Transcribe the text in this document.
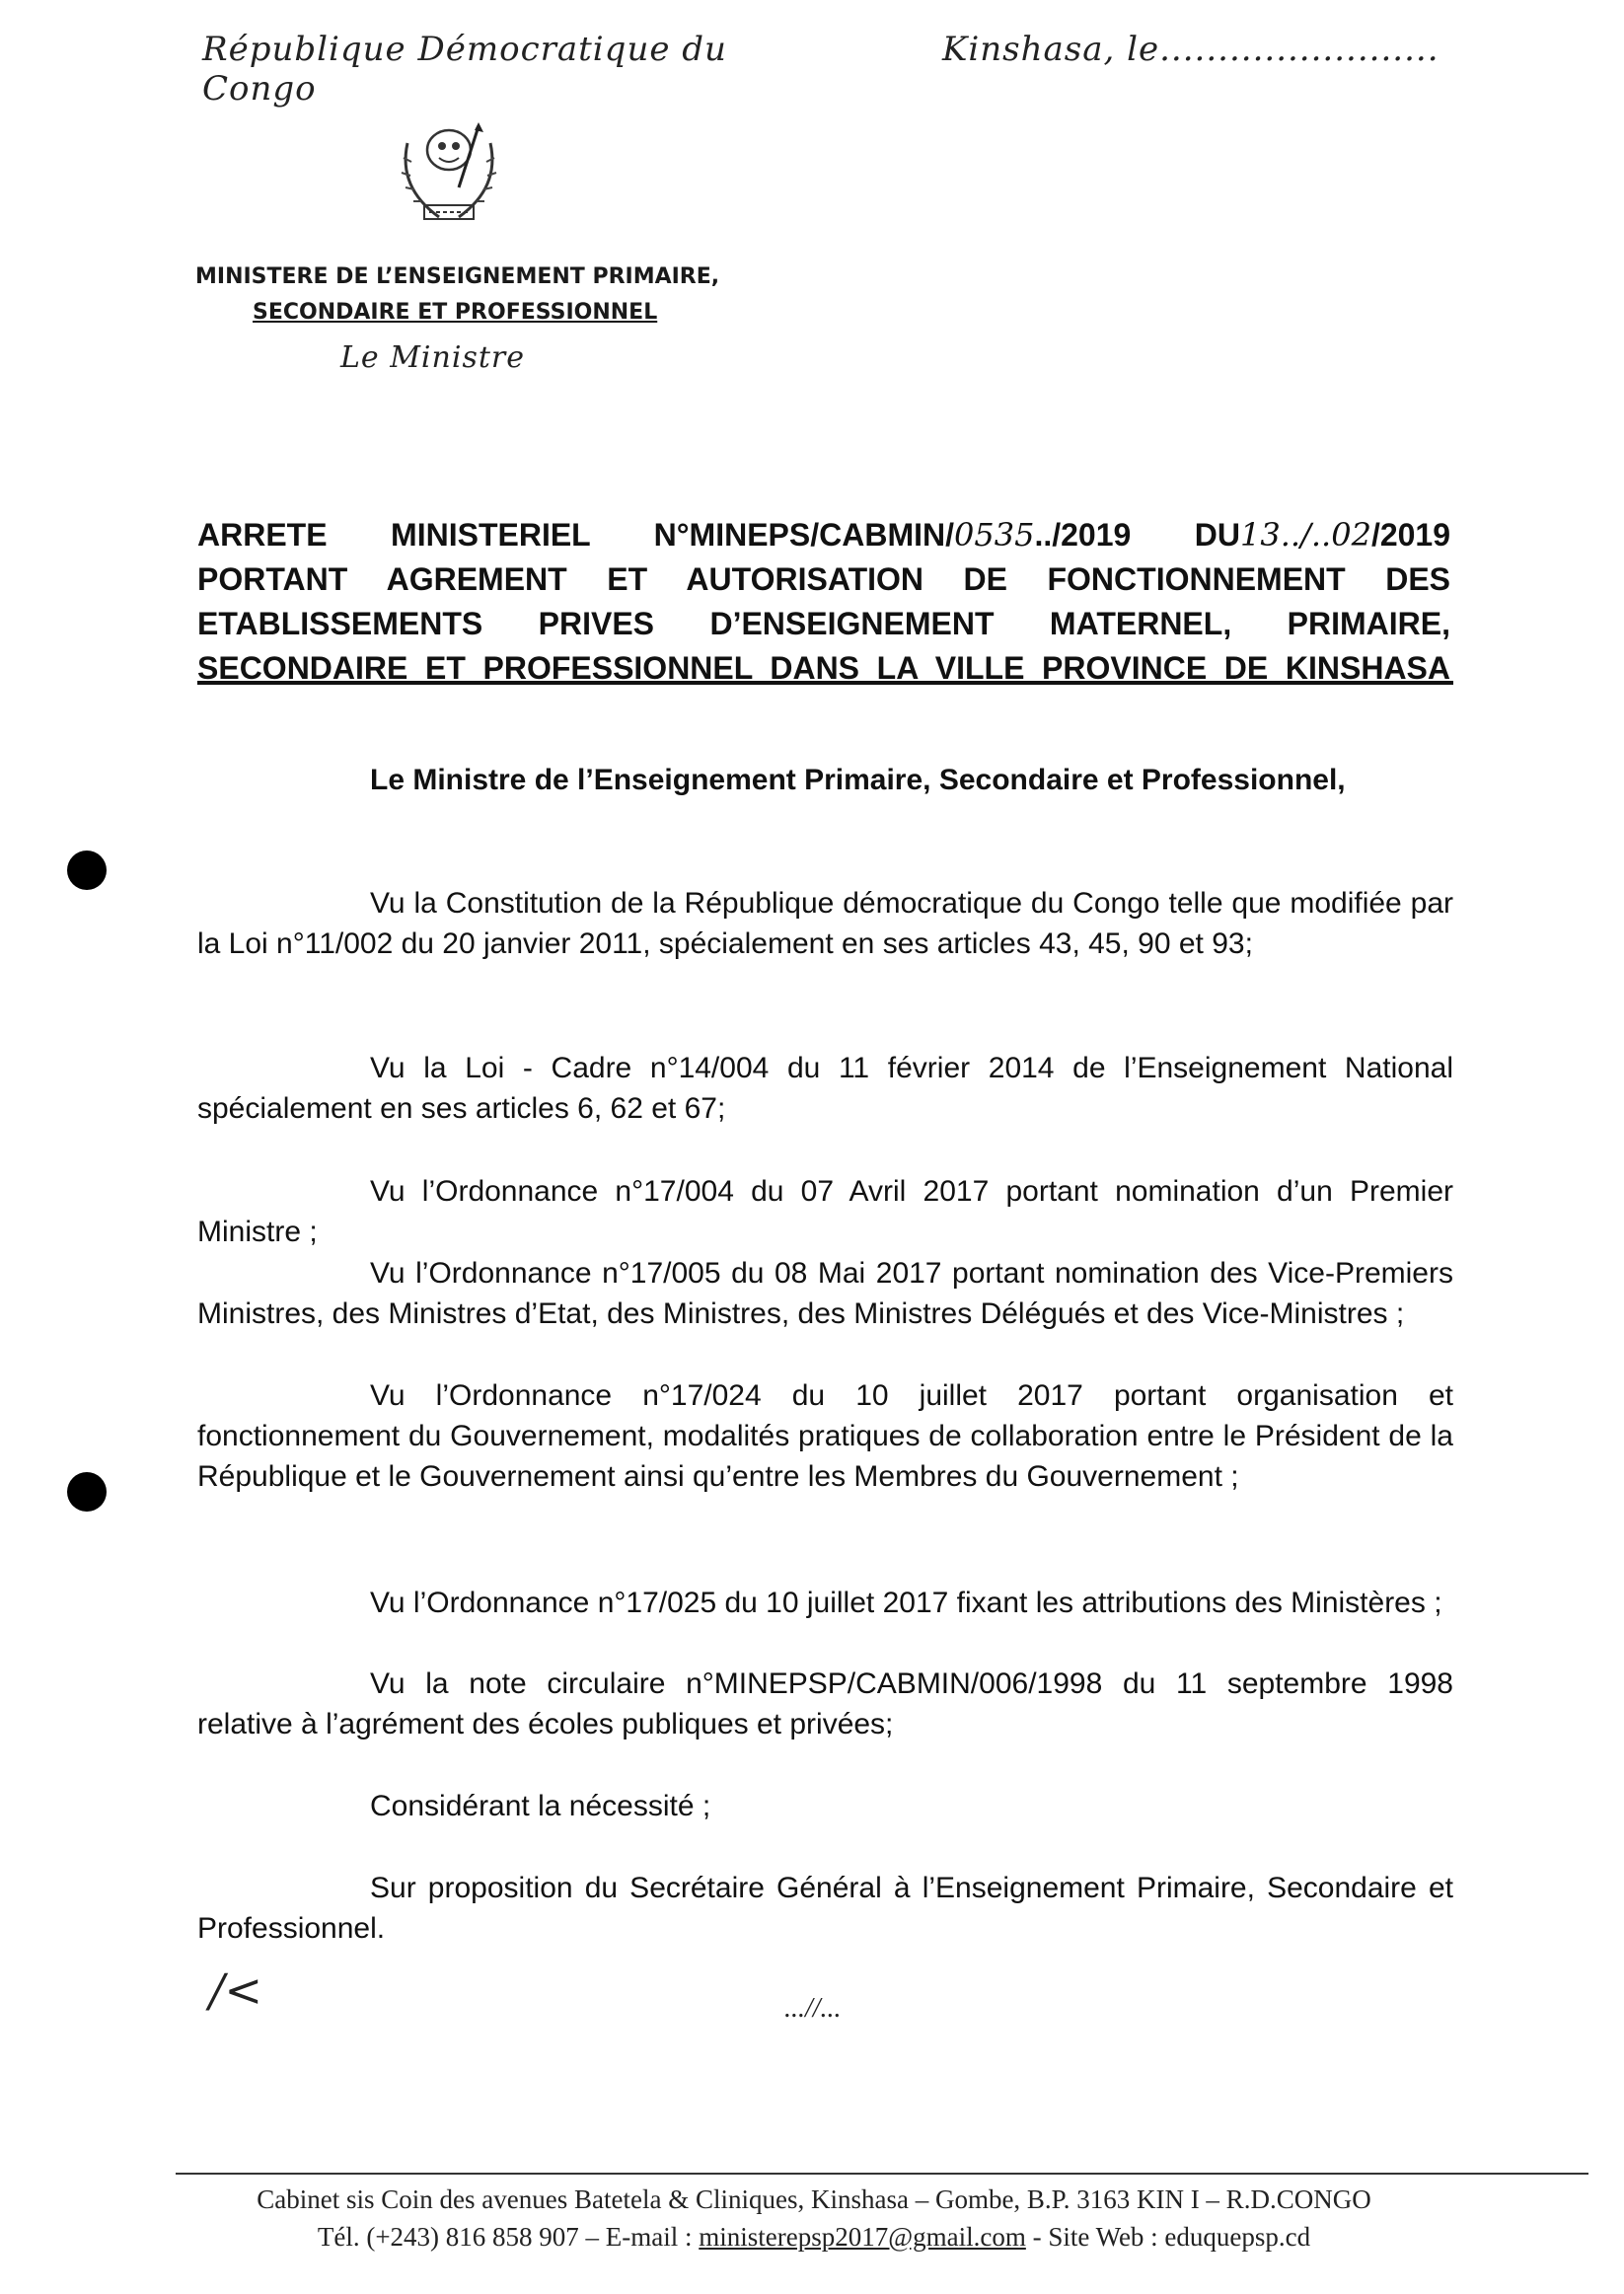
République Démocratique du Congo
Kinshasa, le........................
MINISTERE DE L’ENSEIGNEMENT PRIMAIRE,
SECONDAIRE ET PROFESSIONNEL
Le Ministre
ARRETE MINISTERIEL N°MINEPS/CABMIN/0535../2019 DU13../..02/2019
PORTANT AGREMENT ET AUTORISATION DE FONCTIONNEMENT DES
ETABLISSEMENTS PRIVES D’ENSEIGNEMENT MATERNEL, PRIMAIRE,
SECONDAIRE ET PROFESSIONNEL DANS LA VILLE PROVINCE DE KINSHASA
Le Ministre de l’Enseignement Primaire, Secondaire et Professionnel,
Vu la Constitution de la République démocratique du Congo telle que modifiée par la Loi n°11/002 du 20 janvier 2011, spécialement en ses articles 43, 45, 90 et 93;
Vu la Loi - Cadre n°14/004 du 11 février 2014 de l’Enseignement National spécialement en ses articles 6, 62 et 67;
Vu l’Ordonnance n°17/004 du 07 Avril 2017 portant nomination d’un Premier Ministre ;
Vu l’Ordonnance n°17/005 du 08 Mai 2017 portant nomination des Vice-Premiers Ministres, des Ministres d’Etat, des Ministres, des Ministres Délégués et des Vice-Ministres ;
Vu l’Ordonnance n°17/024 du 10 juillet 2017 portant organisation et fonctionnement du Gouvernement, modalités pratiques de collaboration entre le Président de la République et le Gouvernement ainsi qu’entre les Membres du Gouvernement ;
Vu l’Ordonnance n°17/025 du 10 juillet 2017 fixant les attributions des Ministères ;
Vu la note circulaire n°MINEPSP/CABMIN/006/1998 du 11 septembre 1998 relative à l’agrément des écoles publiques et privées;
Considérant la nécessité ;
Sur proposition du Secrétaire Général à l’Enseignement Primaire, Secondaire et Professionnel.
/<	...//...
Cabinet sis Coin des avenues Batetela & Cliniques, Kinshasa – Gombe, B.P. 3163 KIN I – R.D.CONGO
Tél. (+243) 816 858 907 – E-mail : ministerepsp2017@gmail.com - Site Web : eduquepsp.cd
